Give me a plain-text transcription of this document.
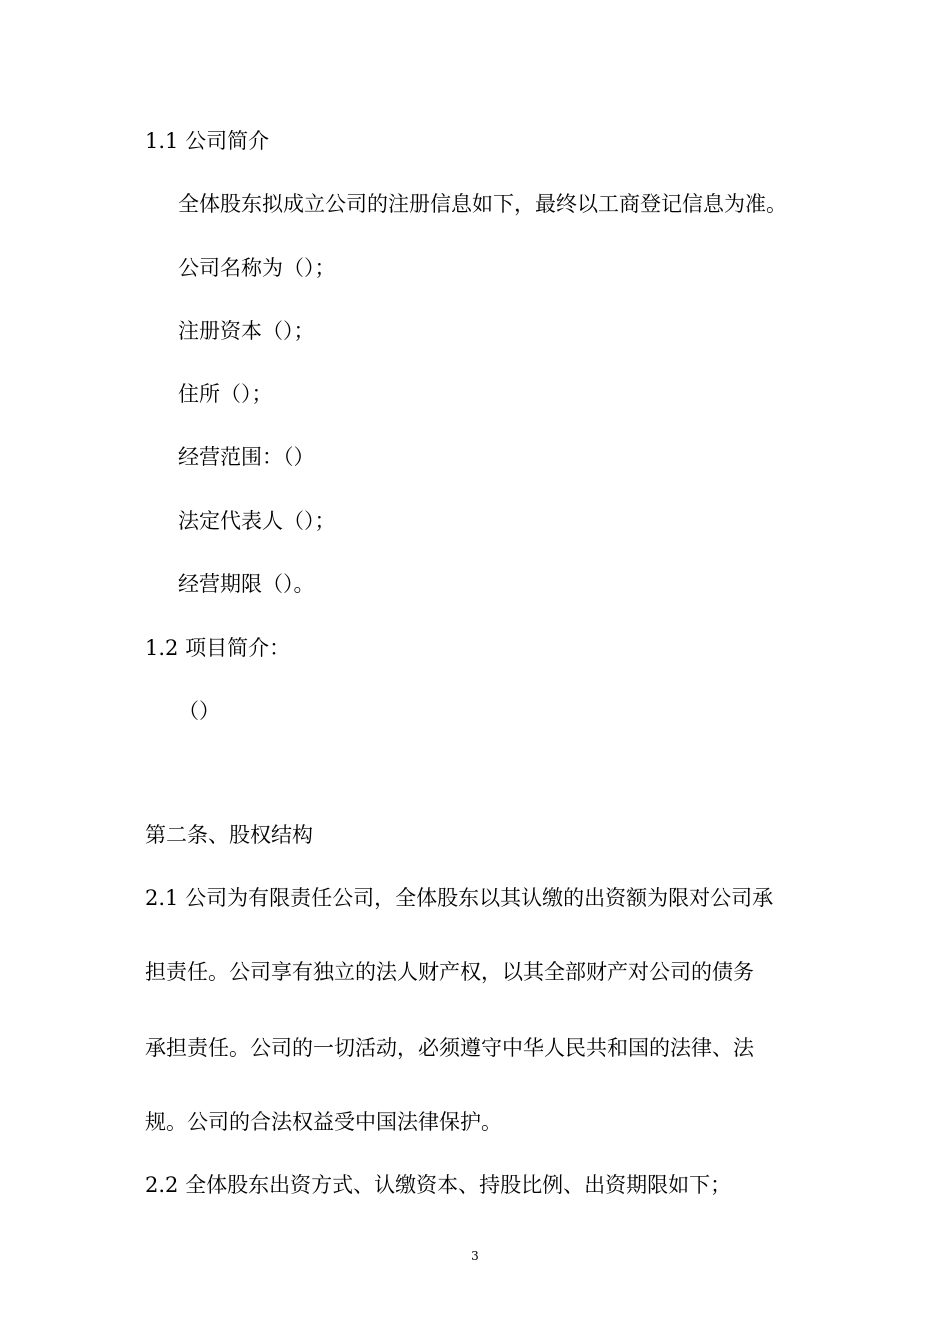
1.1 公司简介
全体股东拟成立公司的注册信息如下，最终以工商登记信息为准。
公司名称为（）；
注册资本（）；
住所（）；
经营范围：（）
法定代表人（）；
经营期限（）。
1.2 项目简介：
（）
第二条、股权结构
2.1 公司为有限责任公司，全体股东以其认缴的出资额为限对公司承
担责任。公司享有独立的法人财产权，以其全部财产对公司的债务
承担责任。公司的一切活动，必须遵守中华人民共和国的法律、法
规。公司的合法权益受中国法律保护。
2.2 全体股东出资方式、认缴资本、持股比例、出资期限如下；
3
